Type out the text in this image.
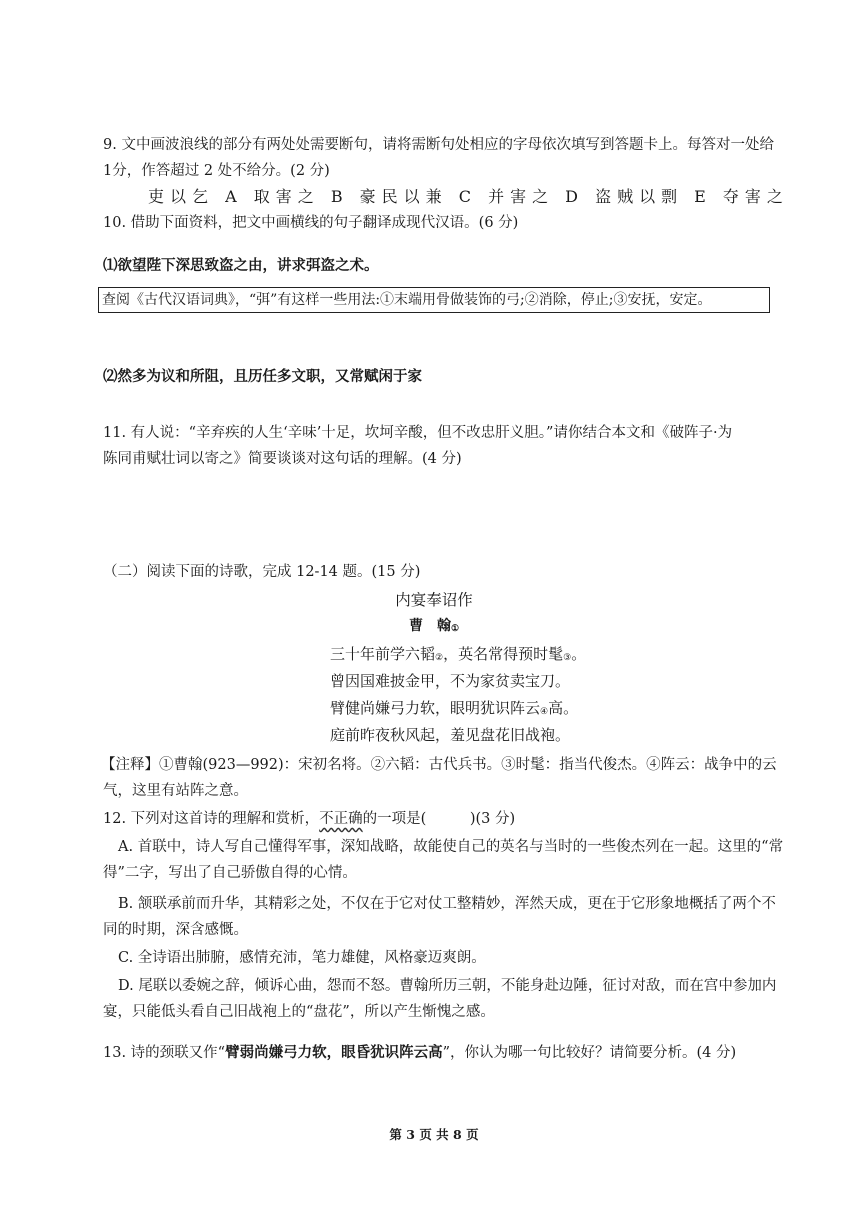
9. 文中画波浪线的部分有两处处需要断句，请将需断句处相应的字母依次填写到答题卡上。每答对一处给

1分，作答超过 2 处不给分。(2 分)

吏以乞 A 取害之 B 豪民以兼 C 并害之 D 盗贼以剽 E 夺害之

10. 借助下面资料，把文中画横线的句子翻译成现代汉语。(6 分)

⑴欲望陛下深思致盗之由，讲求弭盗之术。

查阅《古代汉语词典》，“弭”有这样一些用法:①末端用骨做装饰的弓;②消除，停止;③安抚，安定。

⑵然多为议和所阻，且历任多文职，又常赋闲于家

11. 有人说：“辛弃疾的人生‘辛味’十足，坎坷辛酸，但不改忠肝义胆。”请你结合本文和《破阵子·为

陈同甫赋壮词以寄之》简要谈谈对这句话的理解。(4 分)

（二）阅读下面的诗歌，完成 12-14 题。(15 分)

内宴奉诏作

曹　翰①

三十年前学六韬②，英名常得预时髦③。

曾因国难披金甲，不为家贫卖宝刀。

臂健尚嫌弓力软，眼明犹识阵云④高。

庭前昨夜秋风起，羞见盘花旧战袍。

【注释】①曹翰(923—992)：宋初名将。②六韬：古代兵书。③时髦：指当代俊杰。④阵云：战争中的云

气，这里有站阵之意。

12. 下列对这首诗的理解和赏析，不正确的一项是(　　　)(3 分)

A. 首联中，诗人写自己懂得军事，深知战略，故能使自己的英名与当时的一些俊杰列在一起。这里的“常

得”二字，写出了自己骄傲自得的心情。

B. 颔联承前而升华，其精彩之处，不仅在于它对仗工整精妙，浑然天成，更在于它形象地概括了两个不

同的时期，深含感慨。

C. 全诗语出肺腑，感情充沛，笔力雄健，风格豪迈爽朗。

D. 尾联以委婉之辞，倾诉心曲，怨而不怒。曹翰所历三朝，不能身赴边陲，征讨对敌，而在宫中参加内

宴，只能低头看自己旧战袍上的“盘花”，所以产生惭愧之感。

13. 诗的颈联又作“臂弱尚嫌弓力软，眼昏犹识阵云高”，你认为哪一句比较好？请简要分析。(4 分)

第 3 页 共 8 页
